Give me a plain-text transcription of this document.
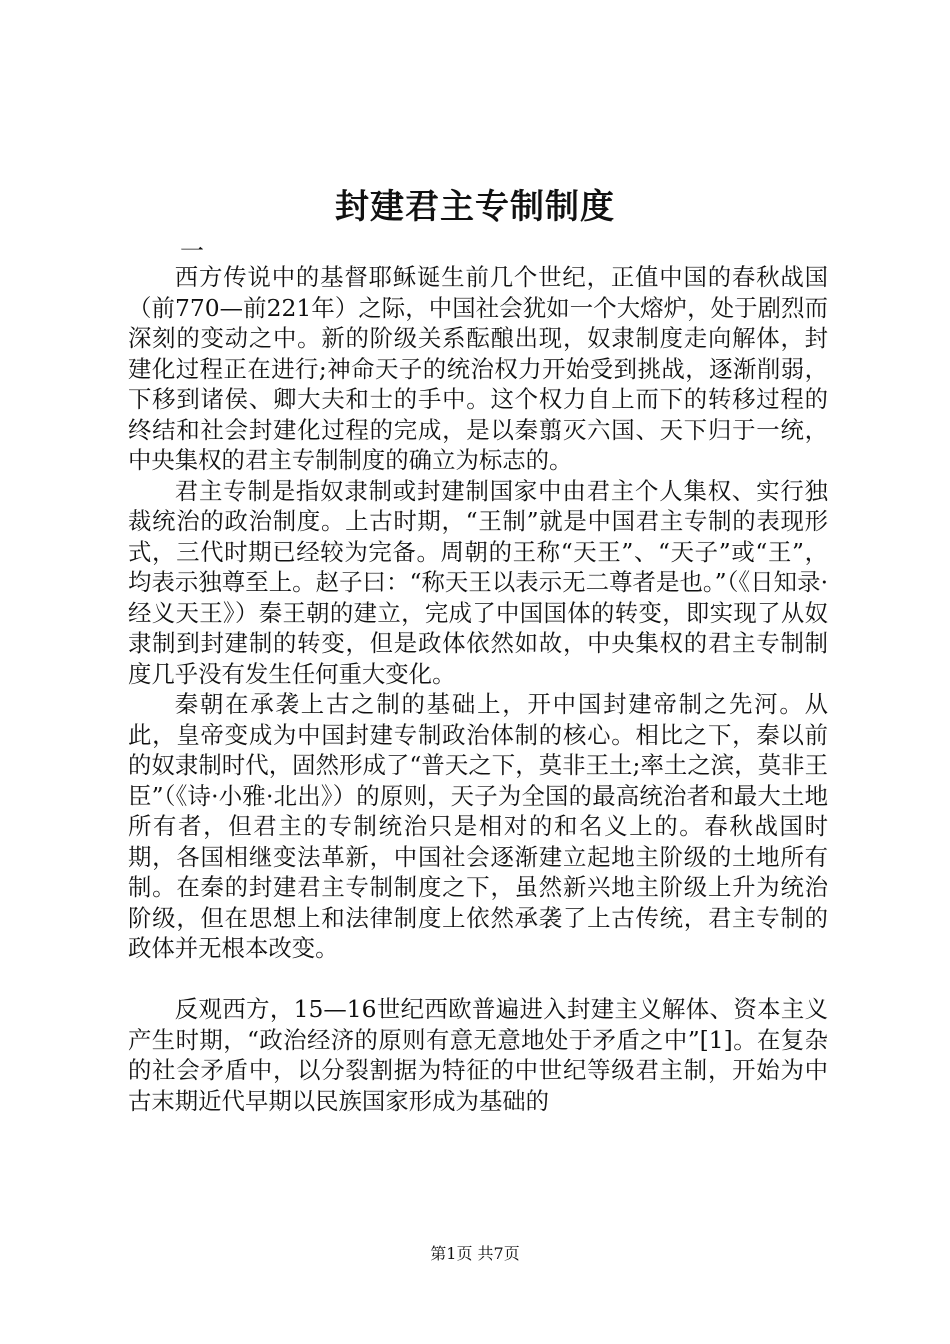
封建君主专制制度
一

西方传说中的基督耶稣诞生前几个世纪，正值中国的春秋战国（前770—前221年）之际，中国社会犹如一个大熔炉，处于剧烈而深刻的变动之中。新的阶级关系酝酿出现，奴隶制度走向解体，封建化过程正在进行;神命天子的统治权力开始受到挑战，逐渐削弱，下移到诸侯、卿大夫和士的手中。这个权力自上而下的转移过程的终结和社会封建化过程的完成，是以秦翦灭六国、天下归于一统，中央集权的君主专制制度的确立为标志的。

君主专制是指奴隶制或封建制国家中由君主个人集权、实行独裁统治的政治制度。上古时期，“王制”就是中国君主专制的表现形式，三代时期已经较为完备。周朝的王称“天王”、“天子”或“王”，均表示独尊至上。赵子曰：“称天王以表示无二尊者是也。”（《日知录·经义天王》）秦王朝的建立，完成了中国国体的转变，即实现了从奴隶制到封建制的转变，但是政体依然如故，中央集权的君主专制制度几乎没有发生任何重大变化。

秦朝在承袭上古之制的基础上，开中国封建帝制之先河。从此，皇帝变成为中国封建专制政治体制的核心。相比之下，秦以前的奴隶制时代，固然形成了“普天之下，莫非王土;率土之滨，莫非王臣”（《诗·小雅·北出》）的原则，天子为全国的最高统治者和最大土地所有者，但君主的专制统治只是相对的和名义上的。春秋战国时期，各国相继变法革新，中国社会逐渐建立起地主阶级的土地所有制。在秦的封建君主专制制度之下，虽然新兴地主阶级上升为统治阶级，但在思想上和法律制度上依然承袭了上古传统，君主专制的政体并无根本改变。

反观西方，15—16世纪西欧普遍进入封建主义解体、资本主义产生时期，“政治经济的原则有意无意地处于矛盾之中”[1]。在复杂的社会矛盾中，以分裂割据为特征的中世纪等级君主制，开始为中古末期近代早期以民族国家形成为基础的

第1页 共7页
